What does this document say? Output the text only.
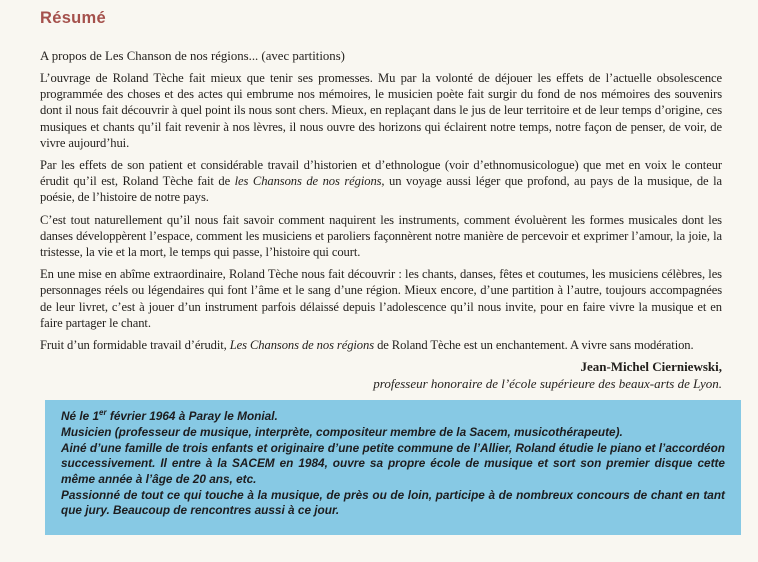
Résumé

A propos de Les Chanson de nos régions... (avec partitions)

L’ouvrage de Roland Tèche fait mieux que tenir ses promesses. Mu par la volonté de déjouer les effets de l’actuelle obsolescence programmée des choses et des actes qui embrume nos mémoires, le musicien poète fait surgir du fond de nos mémoires des souvenirs dont il nous fait découvrir à quel point ils nous sont chers. Mieux, en replaçant dans le jus de leur territoire et de leur temps d’origine, ces musiques et chants qu’il fait revenir à nos lèvres, il nous ouvre des horizons qui éclairent notre temps, notre façon de penser, de voir, de vivre aujourd’hui.

Par les effets de son patient et considérable travail d’historien et d’ethnologue (voir d’ethnomusicologue) que met en voix le conteur érudit qu’il est, Roland Tèche fait de les Chansons de nos régions, un voyage aussi léger que profond, au pays de la musique, de la poésie, de l’histoire de notre pays.

C’est tout naturellement qu’il nous fait savoir comment naquirent les instruments, comment évoluèrent les formes musicales dont les danses développèrent l’espace, comment les musiciens et paroliers façonnèrent notre manière de percevoir et exprimer l’amour, la joie, la tristesse, la vie et la mort, le temps qui passe, l’histoire qui court.

En une mise en abîme extraordinaire, Roland Tèche nous fait découvrir : les chants, danses, fêtes et coutumes, les musiciens célèbres, les personnages réels ou légendaires qui font l’âme et le sang d’une région. Mieux encore, d’une partition à l’autre, toujours accompagnées de leur livret, c’est à jouer d’un instrument parfois délaissé depuis l’adolescence qu’il nous invite, pour en faire vivre la musique et en faire partager le chant.

Fruit d’un formidable travail d’érudit, Les Chansons de nos régions de Roland Tèche est un enchantement. A vivre sans modération.

Jean-Michel Cierniewski,
professeur honoraire de l’école supérieure des beaux-arts de Lyon.

Né le 1er février 1964 à Paray le Monial.

Musicien (professeur de musique, interprète, compositeur membre de la Sacem, musicothérapeute).

Ainé d’une famille de trois enfants et originaire d’une petite commune de l’Allier, Roland étudie le piano et l’accordéon successivement. Il entre à la SACEM en 1984, ouvre sa propre école de musique et sort son premier disque cette même année à l’âge de 20 ans, etc.

Passionné de tout ce qui touche à la musique, de près ou de loin, participe à de nombreux concours de chant en tant que jury. Beaucoup de rencontres aussi à ce jour.
